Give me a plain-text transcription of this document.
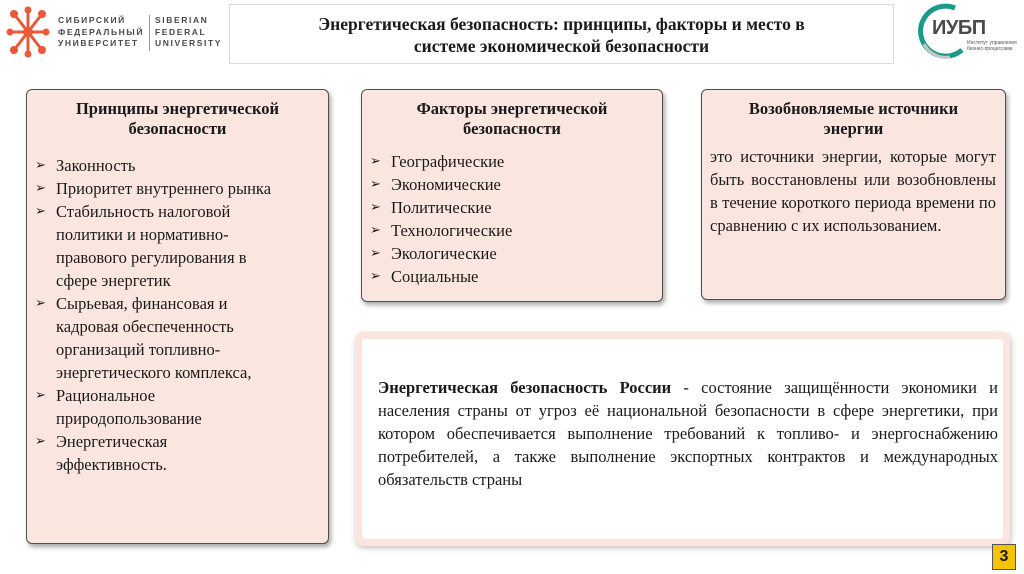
СИБИРСКИЙ
ФЕДЕРАЛЬНЫЙ
УНИВЕРСИТЕТ
SIBERIAN
FEDERAL
UNIVERSITY
Энергетическая безопасность: принципы, факторы и место в
системе экономической безопасности
ИУБП
Институт управления
бизнес-процессами
Принципы энергетической
безопасности
➢ Законность
➢ Приоритет внутреннего рынка
➢ Стабильность налоговой
политики и нормативно-
правового регулирования в
сфере энергетик
➢ Сырьевая, финансовая и
кадровая обеспеченность
организаций топливно-
энергетического комплекса,
➢ Рациональное
природопользование
➢ Энергетическая
эффективность.
Факторы энергетической
безопасности
➢ Географические
➢ Экономические
➢ Политические
➢ Технологические
➢ Экологические
➢ Социальные
Возобновляемые источники
энергии
это источники энергии, которые могут быть восстановлены или возобновлены в течение короткого периода времени по сравнению с их использованием.
Энергетическая безопасность России - состояние защищённости экономики и населения страны от угроз её национальной безопасности в сфере энергетики, при котором обеспечивается выполнение требований к топливо- и энергоснабжению потребителей, а также выполнение экспортных контрактов и международных обязательств страны
3
